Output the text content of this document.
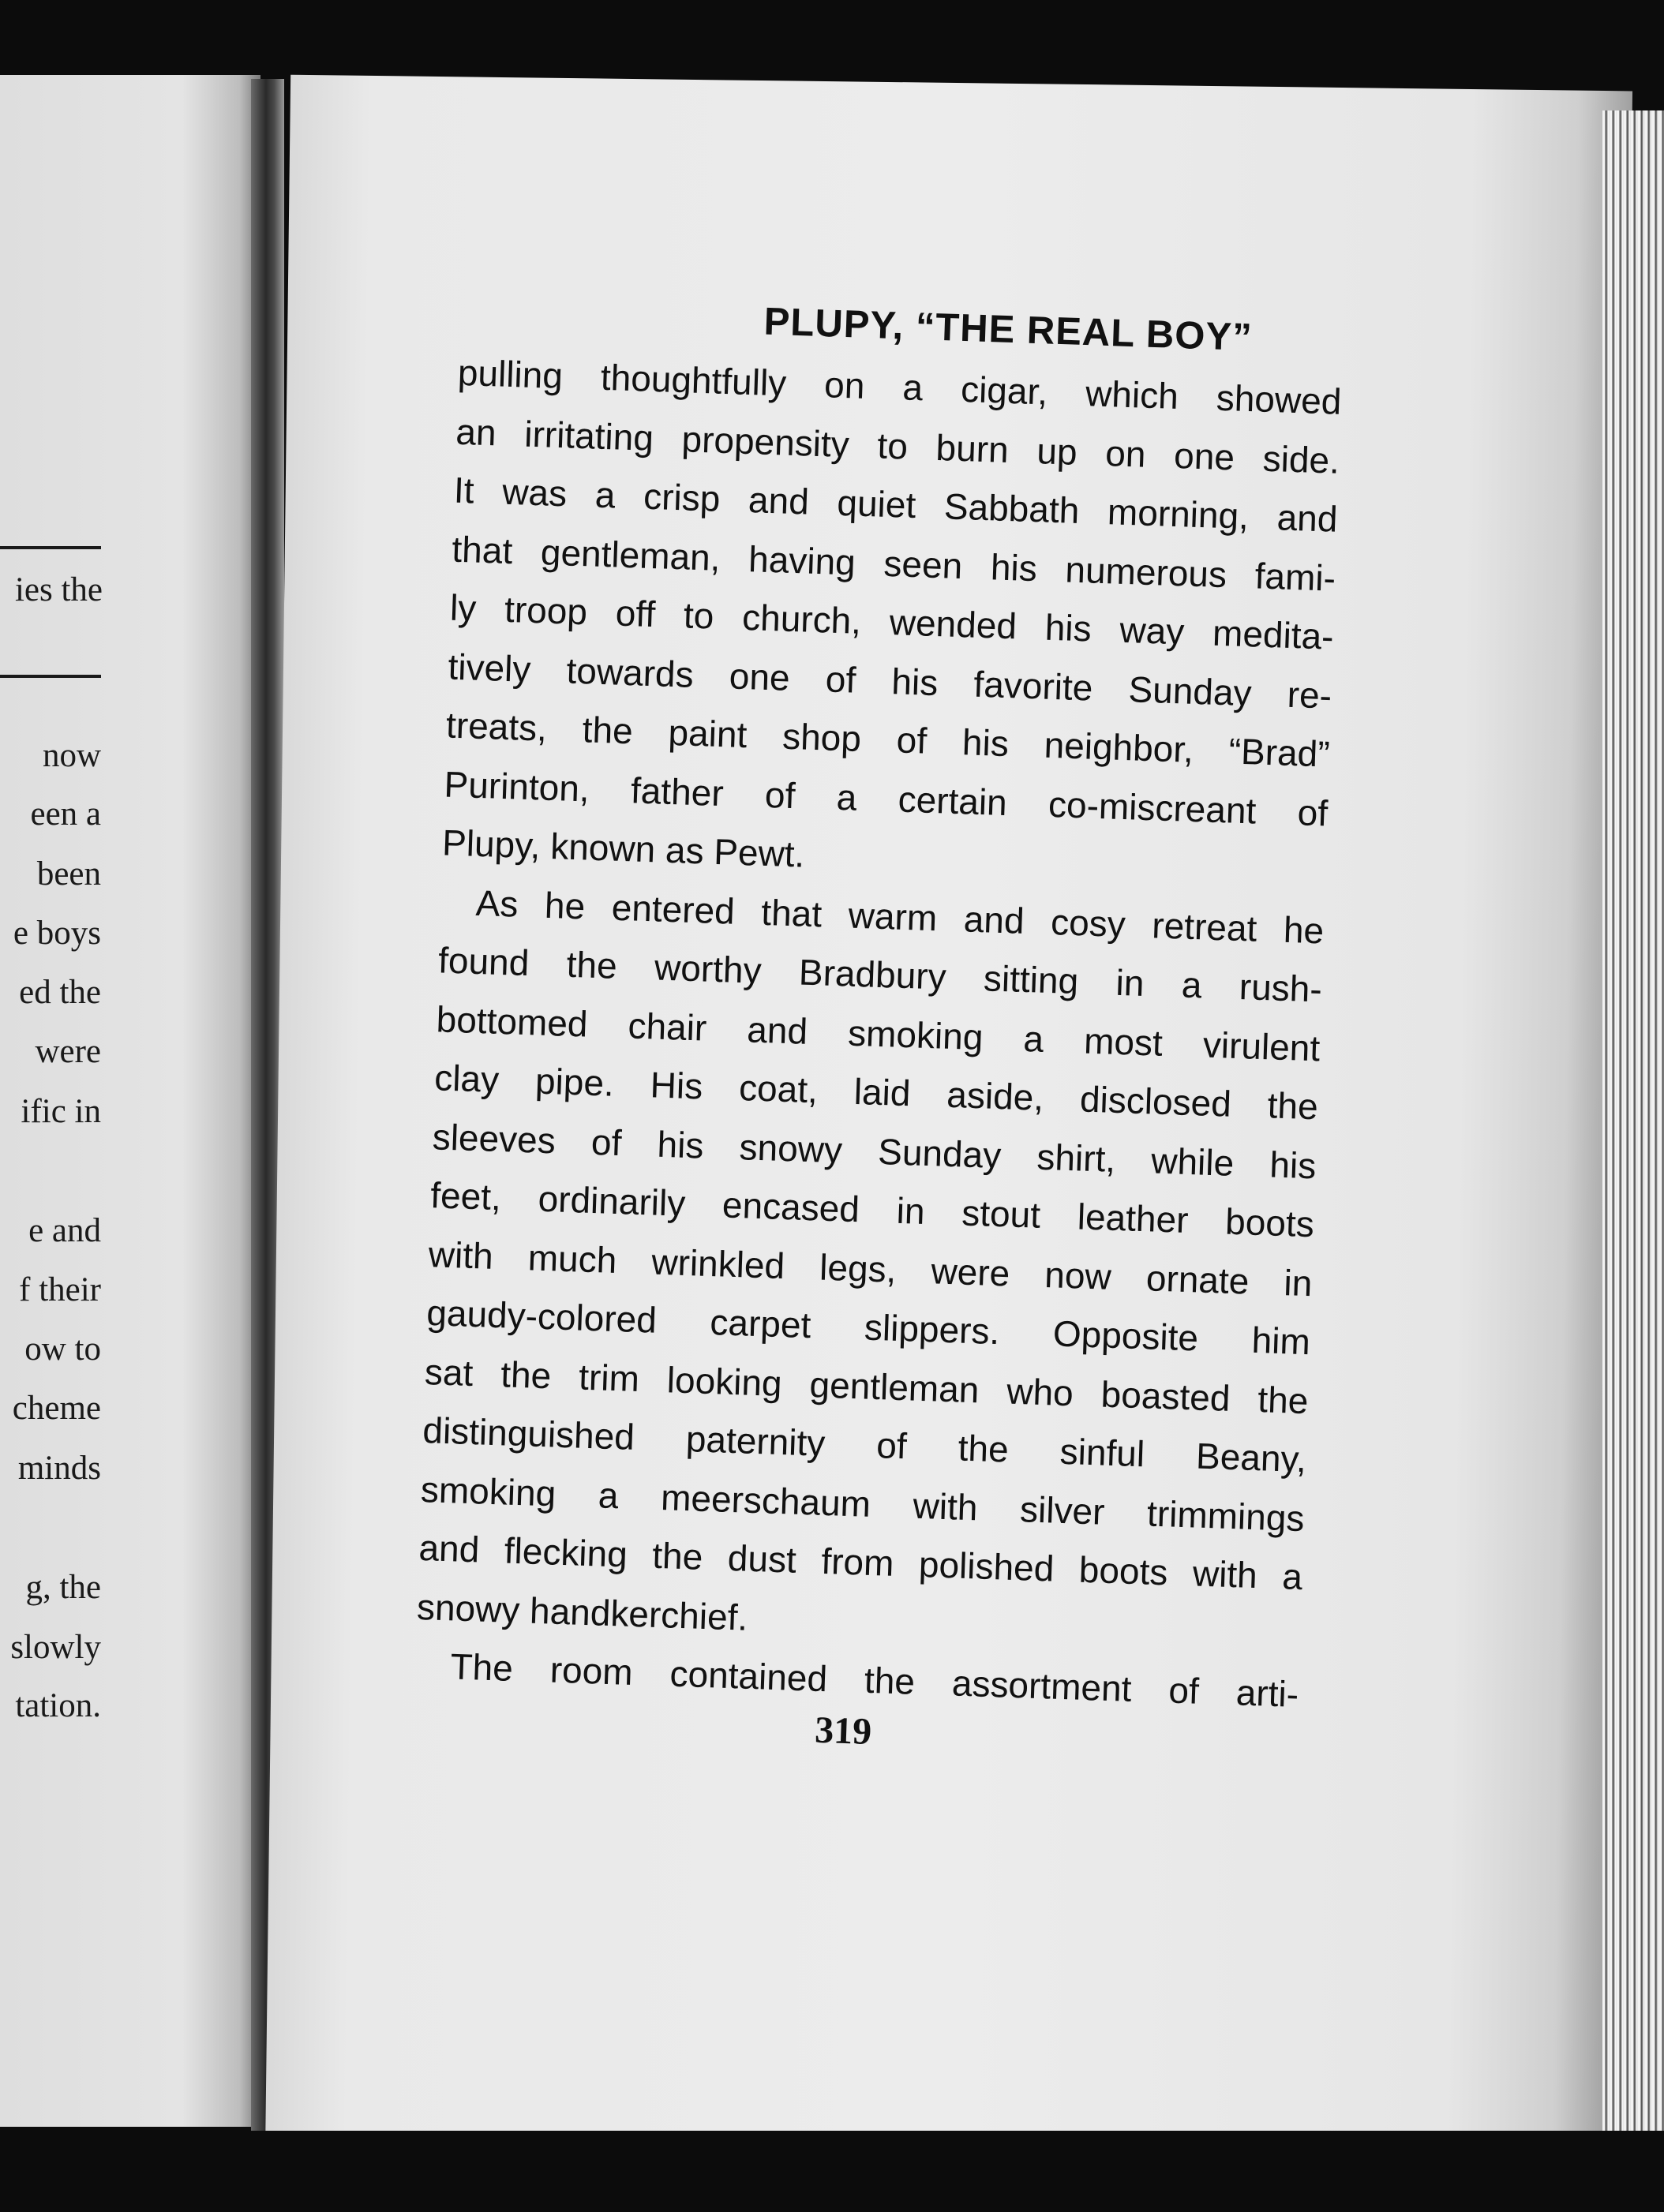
ies the
now
een a
been
e boys
ed the
were
ific in
e and
f their
ow to
cheme
minds
g, the
slowly
tation.
PLUPY, “THE REAL BOY”
pulling thoughtfully on a cigar, which showed
an irritating propensity to burn up on one side.
It was a crisp and quiet Sabbath morning, and
that gentleman, having seen his numerous fami-
ly troop off to church, wended his way medita-
tively towards one of his favorite Sunday re-
treats, the paint shop of his neighbor, “Brad”
Purinton, father of a certain co-miscreant of
Plupy, known as Pewt.
As he entered that warm and cosy retreat he
found the worthy Bradbury sitting in a rush-
bottomed chair and smoking a most virulent
clay pipe. His coat, laid aside, disclosed the
sleeves of his snowy Sunday shirt, while his
feet, ordinarily encased in stout leather boots
with much wrinkled legs, were now ornate in
gaudy-colored carpet slippers. Opposite him
sat the trim looking gentleman who boasted the
distinguished paternity of the sinful Beany,
smoking a meerschaum with silver trimmings
and flecking the dust from polished boots with a
snowy handkerchief.
The room contained the assortment of arti-
319
